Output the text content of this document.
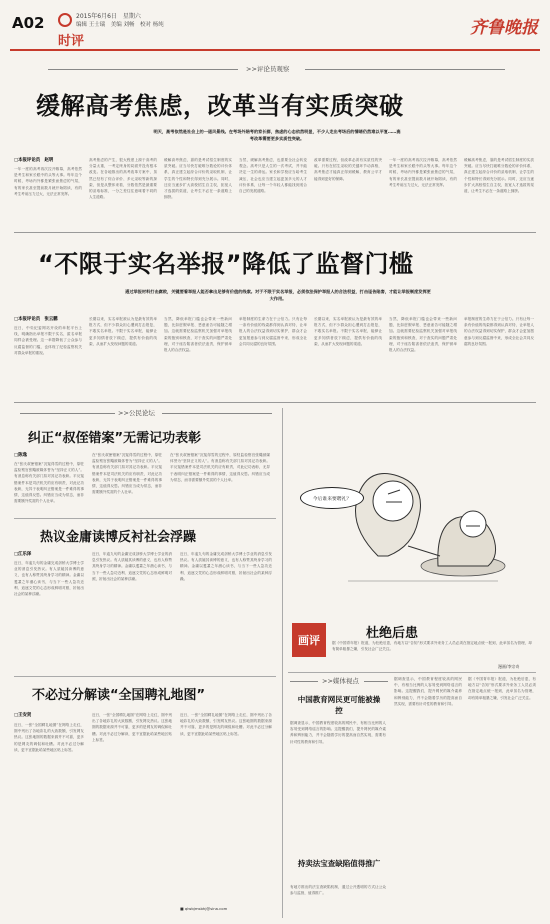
A02	2015年6月6日　星期六
编辑 王士瑞　美编 刘畅　校对 杨纯
时评
齐鲁晚报
>>评论员观察
缓解高考焦虑，改革当有实质突破
明天，高考依然是社会上的一道风景线。在考场外陪考的家长群，焦虑的心态依然明显，不少人走出考场后的情绪仍然难以平复……高考改革需要更多实质性突破。
□本报评论员　赵明
一年一度的高考再次拉开帷幕，高考依然是考生和家长眼中的头等大事。每年这个时候，考场内外都是紧张而焦虑的气氛，有的家长甚至提前数月就开始陪读，有的考生考前压力过大，无法正常发挥。
高考焦虑的产生，很大程度上源于高考的分量太重，一考定终身的局面并没有根本改变。在各地推出的高考改革方案中，虽然已经有了综合评价、多元录取等新的探索，但是从整体来看，分数依然是最重要的录取标准，一分之差往往意味着不同的人生道路。
缓解高考焦虑，靠的是考试招生制度的实质突破。应当尽快打破唯分数论的评价体系，真正建立起综合评价的录取机制，让学生的个性和特长得到充分展示。同时，还应当逐步扩大高校招生自主权，拓宽人才选拔的渠道，让考生不必在一条道路上拥挤。
当然，缓解高考焦虑，也需要全社会转变观念。高考只是人生的一次考试，并不能决定一生的命运。家长和学校应当给考生减压，社会也应当建立起更加多元的人才评价体系，让每一个年轻人都能找到适合自己的发展道路。
改革需要过程，但改革必须有实质性的突破。只有在招生录取的关键环节动真格，高考焦虑才能真正得到缓解，教育公平才能得到更好的保障。
一年一度的高考再次拉开帷幕，高考依然是考生和家长眼中的头等大事。每年这个时候，考场内外都是紧张而焦虑的气氛，有的家长甚至提前数月就开始陪读，有的考生考前压力过大，无法正常发挥。
缓解高考焦虑，靠的是考试招生制度的实质突破。应当尽快打破唯分数论的评价体系，真正建立起综合评价的录取机制，让学生的个性和特长得到充分展示。同时，还应当逐步扩大高校招生自主权，拓宽人才选拔的渠道，让考生不必在一条道路上拥挤。
“不限于实名举报”降低了监督门槛
通过举报材料打击腐败，关键要看举报人能否拿出足够有价值的线索。对于不限于实名举报，必须依法保护举报人的合法权益，打击诬告陷害，才能让举报制度发挥更大作用。
□本报评论员　张云鹏
近日，中央纪委网站开设的举报平台上线，明确指出举报不限于实名，匿名举报同样会被受理。这一举措降低了公众参与反腐监督的门槛，也体现了纪检监察机关对群众举报的重视。
长期以来，实名举报被认为是最有效的举报方式，但不少群众担心遭到打击报复，不敢实名举报。不限于实名举报，能够让更多知情者放下顾虑，提供有价值的线索，从而扩大发现问题的渠道。
当然，降低举报门槛也会带来一些新问题，比如虚假举报、恶意诬告可能随之增加。这就需要纪检监察机关加强对举报线索的甄别和核查，对于查实的问题严肃处理，对于诬告陷害者依法追责，保护被举报人的合法权益。
举报制度的生命力在于公信力。只有让每一条有价值的线索都得到认真对待，让举报人的合法权益得到切实保护，群众才会更加愿意参与到反腐监督中来，形成全社会共同反腐的良好氛围。
长期以来，实名举报被认为是最有效的举报方式，但不少群众担心遭到打击报复，不敢实名举报。不限于实名举报，能够让更多知情者放下顾虑，提供有价值的线索，从而扩大发现问题的渠道。
当然，降低举报门槛也会带来一些新问题，比如虚假举报、恶意诬告可能随之增加。这就需要纪检监察机关加强对举报线索的甄别和核查，对于查实的问题严肃处理，对于诬告陷害者依法追责，保护被举报人的合法权益。
举报制度的生命力在于公信力。只有让每一条有价值的线索都得到认真对待，让举报人的合法权益得到切实保护，群众才会更加愿意参与到反腐监督中来，形成全社会共同反腐的良好氛围。
>>公民论坛
纠正“叔侄错案”无需记功表彰
□陈逸
在“张氏叔侄错案”沉冤得雪的过程中，原驻监检察官张飚被媒体誉为“坚持正义的人”。有消息称有关部门拟对其记功表彰。平反冤错案件本是司法机关的应有职责，对此记功表彰，无异于表明纠正错案是一件难得的事情，这值得反思。纠错应当成为常态，而非需要额外奖赏的个人壮举。
在“张氏叔侄错案”沉冤得雪的过程中，原驻监检察官张飚被媒体誉为“坚持正义的人”。有消息称有关部门拟对其记功表彰。平反冤错案件本是司法机关的应有职责，对此记功表彰，无异于表明纠正错案是一件难得的事情，这值得反思。纠错应当成为常态，而非需要额外奖赏的个人壮举。
在“张氏叔侄错案”沉冤得雪的过程中，原驻监检察官张飚被媒体誉为“坚持正义的人”。有消息称有关部门拟对其记功表彰。平反冤错案件本是司法机关的应有职责，对此记功表彰，无异于表明纠正错案是一件难得的事情，这值得反思。纠错应当成为常态，而非需要额外奖赏的个人壮举。
热议金庸读博反衬社会浮躁
□江乐泽
近日，年逾九旬的金庸完成剑桥大学博士学业的消息引发热议。有人质疑其读博的意义，也有人称赞其终身学习的精神。金庸以耄耋之年潜心读书，与当下一些人急功近利、追逐文凭的心态形成鲜明对照，折射出社会的某种浮躁。
近日，年逾九旬的金庸完成剑桥大学博士学业的消息引发热议。有人质疑其读博的意义，也有人称赞其终身学习的精神。金庸以耄耋之年潜心读书，与当下一些人急功近利、追逐文凭的心态形成鲜明对照，折射出社会的某种浮躁。
近日，年逾九旬的金庸完成剑桥大学博士学业的消息引发热议。有人质疑其读博的意义，也有人称赞其终身学习的精神。金庸以耄耋之年潜心读书，与当下一些人急功近利、追逐文凭的心态形成鲜明对照，折射出社会的某种浮躁。
不必过分解读“全国聘礼地图”
□王安贤
近日，一张“全国聘礼地图”在网络上走红，图中列出了各地彩礼的大致数额，引发网友热议。这张地图的数据来源并不可靠，更多的是网友的调侃和吐槽。对此不必过分解读，更不宜据此给某些地区贴上标签。
近日，一张“全国聘礼地图”在网络上走红，图中列出了各地彩礼的大致数额，引发网友热议。这张地图的数据来源并不可靠，更多的是网友的调侃和吐槽。对此不必过分解读，更不宜据此给某些地区贴上标签。
近日，一张“全国聘礼地图”在网络上走红，图中列出了各地彩礼的大致数额，引发网友热议。这张地图的数据来源并不可靠，更多的是网友的调侃和吐槽。对此不必过分解读，更不宜据此给某些地区贴上标签。
■ qlwbjmsbhj@sina.com
今后谁来要聘礼？
画评	杜绝后患
据《中国青年报》报道，为杜绝后患，有地方以“告知”形式要求外来务工人员必须在指定地点统一报到，此举虽名为管理，却有简单粗暴之嫌，引发社会广泛关注。
漫画/李宗奇
>>媒体视点
中国教育网民更可能被操控
据调查显示，中国教育程度较高的网民中，有相当比例的人容易受到网络谣言的影响。这提醒我们，提升网民的媒介素养和辨别能力，并不会随着学历的提高而自然实现，需要有针对性的教育和引导。
持卖法宝查缺陷值得推广
有地方推出的法宝查缺陷机制，通过公开透明的方式让公众参与监督，值得推广。
据调查显示，中国教育程度较高的网民中，有相当比例的人容易受到网络谣言的影响。这提醒我们，提升网民的媒介素养和辨别能力，并不会随着学历的提高而自然实现，需要有针对性的教育和引导。
据《中国青年报》报道，为杜绝后患，有地方以“告知”形式要求外来务工人员必须在指定地点统一报到，此举虽名为管理，却有简单粗暴之嫌，引发社会广泛关注。
